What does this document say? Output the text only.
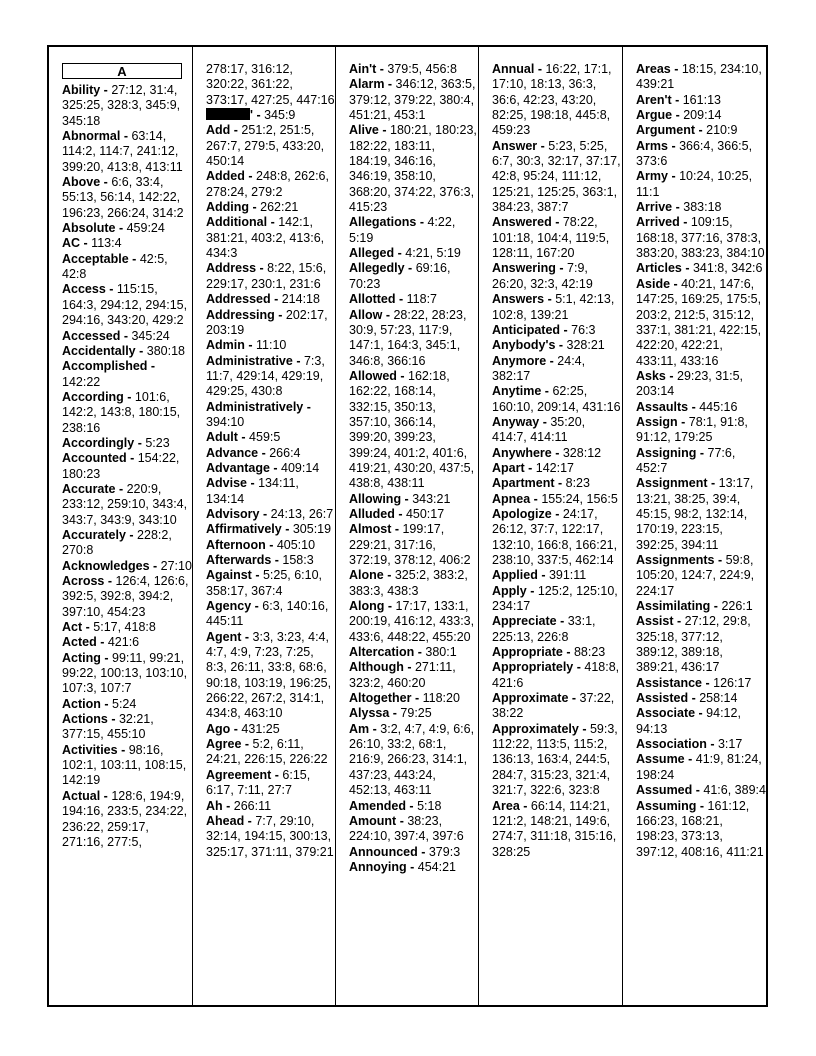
A

Ability - 27:12, 31:4, 325:25, 328:3, 345:9, 345:18

Abnormal - 63:14, 114:2, 114:7, 241:12, 399:20, 413:8, 413:11

Above - 6:6, 33:4, 55:13, 56:14, 142:22, 196:23, 266:24, 314:2

Absolute - 459:24

AC - 113:4

Acceptable - 42:5, 42:8

Access - 115:15, 164:3, 294:12, 294:15, 294:16, 343:20, 429:2

Accessed - 345:24

Accidentally - 380:18

Accomplished - 142:22

According - 101:6, 142:2, 143:8, 180:15, 238:16

Accordingly - 5:23

Accounted - 154:22, 180:23

Accurate - 220:9, 233:12, 259:10, 343:4, 343:7, 343:9, 343:10

Accurately - 228:2, 270:8

Acknowledges - 27:10

Across - 126:4, 126:6, 392:5, 392:8, 394:2, 397:10, 454:23

Act - 5:17, 418:8

Acted - 421:6

Acting - 99:11, 99:21, 99:22, 100:13, 103:10, 107:3, 107:7

Action - 5:24

Actions - 32:21, 377:15, 455:10

Activities - 98:16, 102:1, 103:11, 108:15, 142:19

Actual - 128:6, 194:9, 194:16, 233:5, 234:22, 236:22, 259:17, 271:16, 277:5,

278:17, 316:12, 320:22, 361:22, 373:17, 427:25, 447:16

' - 345:9

Add - 251:2, 251:5, 267:7, 279:5, 433:20, 450:14

Added - 248:8, 262:6, 278:24, 279:2

Adding - 262:21

Additional - 142:1, 381:21, 403:2, 413:6, 434:3

Address - 8:22, 15:6, 229:17, 230:1, 231:6

Addressed - 214:18

Addressing - 202:17, 203:19

Admin - 11:10

Administrative - 7:3, 11:7, 429:14, 429:19, 429:25, 430:8

Administratively - 394:10

Adult - 459:5

Advance - 266:4

Advantage - 409:14

Advise - 134:11, 134:14

Advisory - 24:13, 26:7

Affirmatively - 305:19

Afternoon - 405:10

Afterwards - 158:3

Against - 5:25, 6:10, 358:17, 367:4

Agency - 6:3, 140:16, 445:11

Agent - 3:3, 3:23, 4:4, 4:7, 4:9, 7:23, 7:25, 8:3, 26:11, 33:8, 68:6, 90:18, 103:19, 196:25, 266:22, 267:2, 314:1, 434:8, 463:10

Ago - 431:25

Agree - 5:2, 6:11, 24:21, 226:15, 226:22

Agreement - 6:15, 6:17, 7:11, 27:7

Ah - 266:11

Ahead - 7:7, 29:10, 32:14, 194:15, 300:13, 325:17, 371:11, 379:21

Ain't - 379:5, 456:8

Alarm - 346:12, 363:5, 379:12, 379:22, 380:4, 451:21, 453:1

Alive - 180:21, 180:23, 182:22, 183:11, 184:19, 346:16, 346:19, 358:10, 368:20, 374:22, 376:3, 415:23

Allegations - 4:22, 5:19

Alleged - 4:21, 5:19

Allegedly - 69:16, 70:23

Allotted - 118:7

Allow - 28:22, 28:23, 30:9, 57:23, 117:9, 147:1, 164:3, 345:1, 346:8, 366:16

Allowed - 162:18, 162:22, 168:14, 332:15, 350:13, 357:10, 366:14, 399:20, 399:23, 399:24, 401:2, 401:6, 419:21, 430:20, 437:5, 438:8, 438:11

Allowing - 343:21

Alluded - 450:17

Almost - 199:17, 229:21, 317:16, 372:19, 378:12, 406:2

Alone - 325:2, 383:2, 383:3, 438:3

Along - 17:17, 133:1, 200:19, 416:12, 433:3, 433:6, 448:22, 455:20

Altercation - 380:1

Although - 271:11, 323:2, 460:20

Altogether - 118:20

Alyssa - 79:25

Am - 3:2, 4:7, 4:9, 6:6, 26:10, 33:2, 68:1, 216:9, 266:23, 314:1, 437:23, 443:24, 452:13, 463:11

Amended - 5:18

Amount - 38:23, 224:10, 397:4, 397:6

Announced - 379:3

Annoying - 454:21

Annual - 16:22, 17:1, 17:10, 18:13, 36:3, 36:6, 42:23, 43:20, 82:25, 198:18, 445:8, 459:23

Answer - 5:23, 5:25, 6:7, 30:3, 32:17, 37:17, 42:8, 95:24, 111:12, 125:21, 125:25, 363:1, 384:23, 387:7

Answered - 78:22, 101:18, 104:4, 119:5, 128:11, 167:20

Answering - 7:9, 26:20, 32:3, 42:19

Answers - 5:1, 42:13, 102:8, 139:21

Anticipated - 76:3

Anybody's - 328:21

Anymore - 24:4, 382:17

Anytime - 62:25, 160:10, 209:14, 431:16

Anyway - 35:20, 414:7, 414:11

Anywhere - 328:12

Apart - 142:17

Apartment - 8:23

Apnea - 155:24, 156:5

Apologize - 24:17, 26:12, 37:7, 122:17, 132:10, 166:8, 166:21, 238:10, 337:5, 462:14

Applied - 391:11

Apply - 125:2, 125:10, 234:17

Appreciate - 33:1, 225:13, 226:8

Appropriate - 88:23

Appropriately - 418:8, 421:6

Approximate - 37:22, 38:22

Approximately - 59:3, 112:22, 113:5, 115:2, 136:13, 163:4, 244:5, 284:7, 315:23, 321:4, 321:7, 322:6, 323:8

Area - 66:14, 114:21, 121:2, 148:21, 149:6, 274:7, 311:18, 315:16, 328:25

Areas - 18:15, 234:10, 439:21

Aren't - 161:13

Argue - 209:14

Argument - 210:9

Arms - 366:4, 366:5, 373:6

Army - 10:24, 10:25, 11:1

Arrive - 383:18

Arrived - 109:15, 168:18, 377:16, 378:3, 383:20, 383:23, 384:10

Articles - 341:8, 342:6

Aside - 40:21, 147:6, 147:25, 169:25, 175:5, 203:2, 212:5, 315:12, 337:1, 381:21, 422:15, 422:20, 422:21, 433:11, 433:16

Asks - 29:23, 31:5, 203:14

Assaults - 445:16

Assign - 78:1, 91:8, 91:12, 179:25

Assigning - 77:6, 452:7

Assignment - 13:17, 13:21, 38:25, 39:4, 45:15, 98:2, 132:14, 170:19, 223:15, 392:25, 394:11

Assignments - 59:8, 105:20, 124:7, 224:9, 224:17

Assimilating - 226:1

Assist - 27:12, 29:8, 325:18, 377:12, 389:12, 389:18, 389:21, 436:17

Assistance - 126:17

Assisted - 258:14

Associate - 94:12, 94:13

Association - 3:17

Assume - 41:9, 81:24, 198:24

Assumed - 41:6, 389:4

Assuming - 161:12, 166:23, 168:21, 198:23, 373:13, 397:12, 408:16, 411:21
